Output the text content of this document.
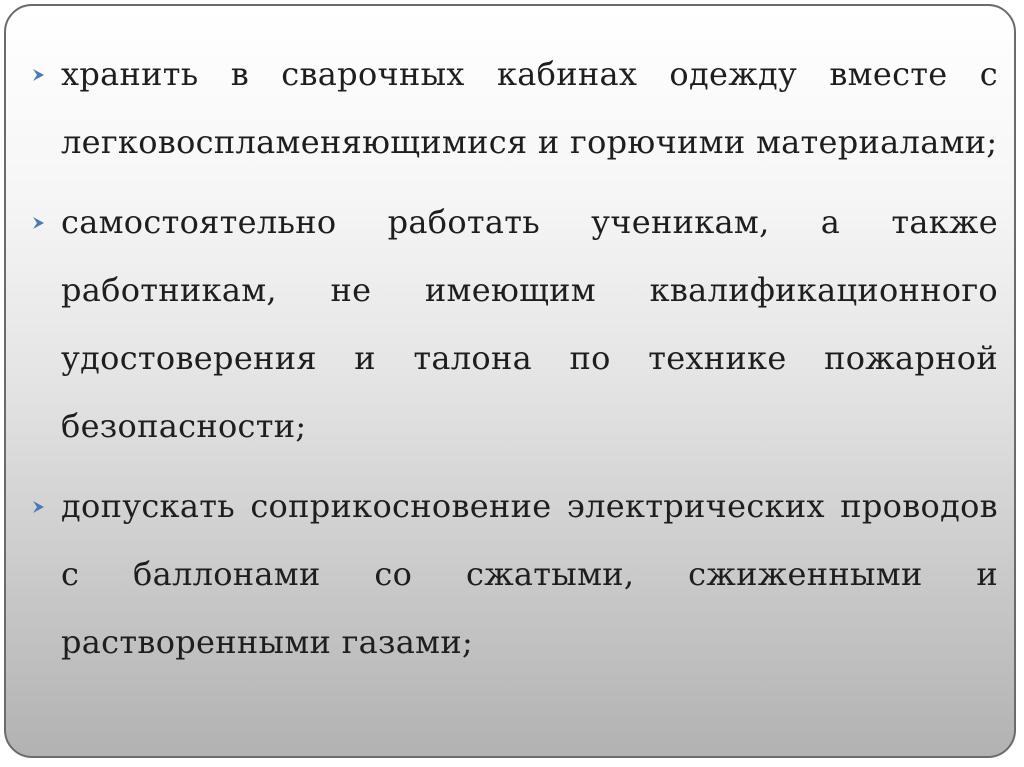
хранить в сварочных кабинах одежду вместе с легковоспламеняющимися и горючими материалами;
самостоятельно работать ученикам, а также работникам, не имеющим квалификационного удостоверения и талона по технике пожарной безопасности;
допускать соприкосновение электрических проводов с баллонами со сжатыми, сжиженными и растворенными газами;
